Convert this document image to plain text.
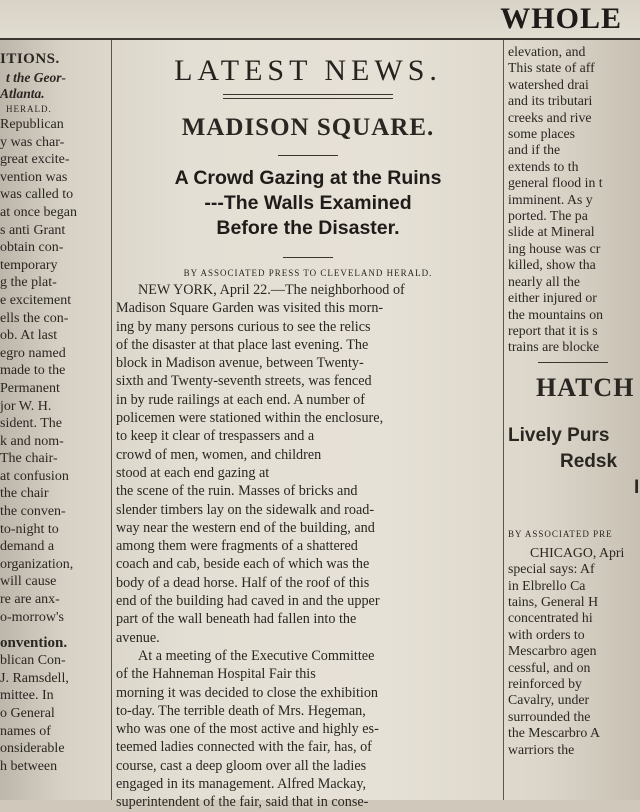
WHOLE
ITIONS.
t the Geor-
Atlanta.
HERALD.
Republican
y was char-
great excite-
vention was
was called to
at once began
s anti Grant
obtain con-
temporary
g the plat-
e excitement
ells the con-
ob. At last
egro named
made to the
Permanent
jor W. H.
sident. The
k and nom-
The chair-
at confusion
the chair
the conven-
to-night to
demand a
organization,
will cause
re are anx-
o-morrow's
onvention.
blican Con-
J. Ramsdell,
mittee. In
o General
names of
onsiderable
h between
LATEST NEWS.
MADISON SQUARE.
A Crowd Gazing at the Ruins
---The Walls Examined
Before the Disaster.
BY ASSOCIATED PRESS TO CLEVELAND HERALD.
NEW YORK, April 22.—The neighborhood of
Madison Square Garden was visited this morn-
ing by many persons curious to see the relics
of the disaster at that place last evening. The
block in Madison avenue, between Twenty-
sixth and Twenty-seventh streets, was fenced
in by rude railings at each end. A number of
policemen were stationed within the enclosure,
to keep it clear of trespassers and a
crowd of men, women, and children
stood at each end gazing at
the scene of the ruin. Masses of bricks and
slender timbers lay on the sidewalk and road-
way near the western end of the building, and
among them were fragments of a shattered
coach and cab, beside each of which was the
body of a dead horse. Half of the roof of this
end of the building had caved in and the upper
part of the wall beneath had fallen into the
avenue.
At a meeting of the Executive Committee
of the Hahneman Hospital Fair this
morning it was decided to close the exhibition
to-day. The terrible death of Mrs. Hegeman,
who was one of the most active and highly es-
teemed ladies connected with the fair, has, of
course, cast a deep gloom over all the ladies
engaged in its management. Alfred Mackay,
superintendent of the fair, said that in conse-
elevation, and
This state of aff
watershed drai
and its tributari
creeks and rive
some places
and if the
extends to th
general flood in t
imminent. As y
ported. The pa
slide at Mineral
ing house was cr
killed, show tha
nearly all the
either injured or
the mountains on
report that it is s
trains are blocke
HATCH
Lively Purs
Redsk
I
BY ASSOCIATED PRE
CHICAGO, Apri
special says: Af
in Elbrello Ca
tains, General H
concentrated hi
with orders to
Mescarbro agen
cessful, and on
reinforced by
Cavalry, under
surrounded the
the Mescarbro A
warriors the
